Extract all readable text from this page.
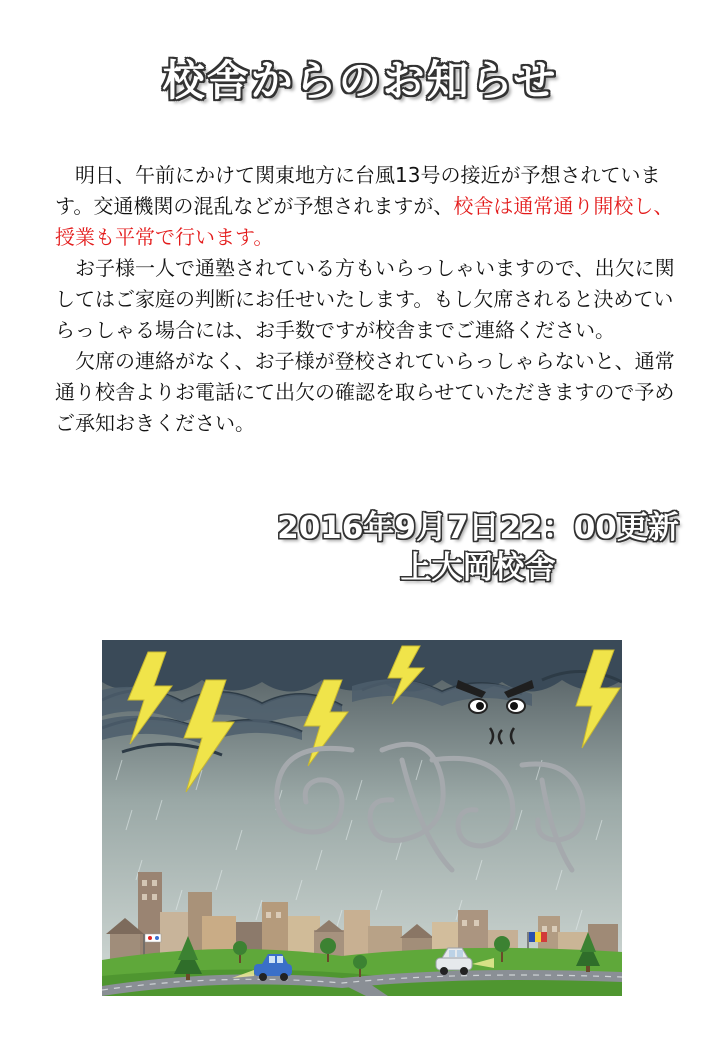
校舎からのお知らせ

明日、午前にかけて関東地方に台風13号の接近が予想されています。交通機関の混乱などが予想されますが、校舎は通常通り開校し、授業も平常で行います。

お子様一人で通塾されている方もいらっしゃいますので、出欠に関してはご家庭の判断にお任せいたします。もし欠席されると決めていらっしゃる場合には、お手数ですが校舎までご連絡ください。

欠席の連絡がなく、お子様が登校されていらっしゃらないと、通常通り校舎よりお電話にて出欠の確認を取らせていただきますので予めご承知おきください。

2016年9月7日22：00更新
上大岡校舎
